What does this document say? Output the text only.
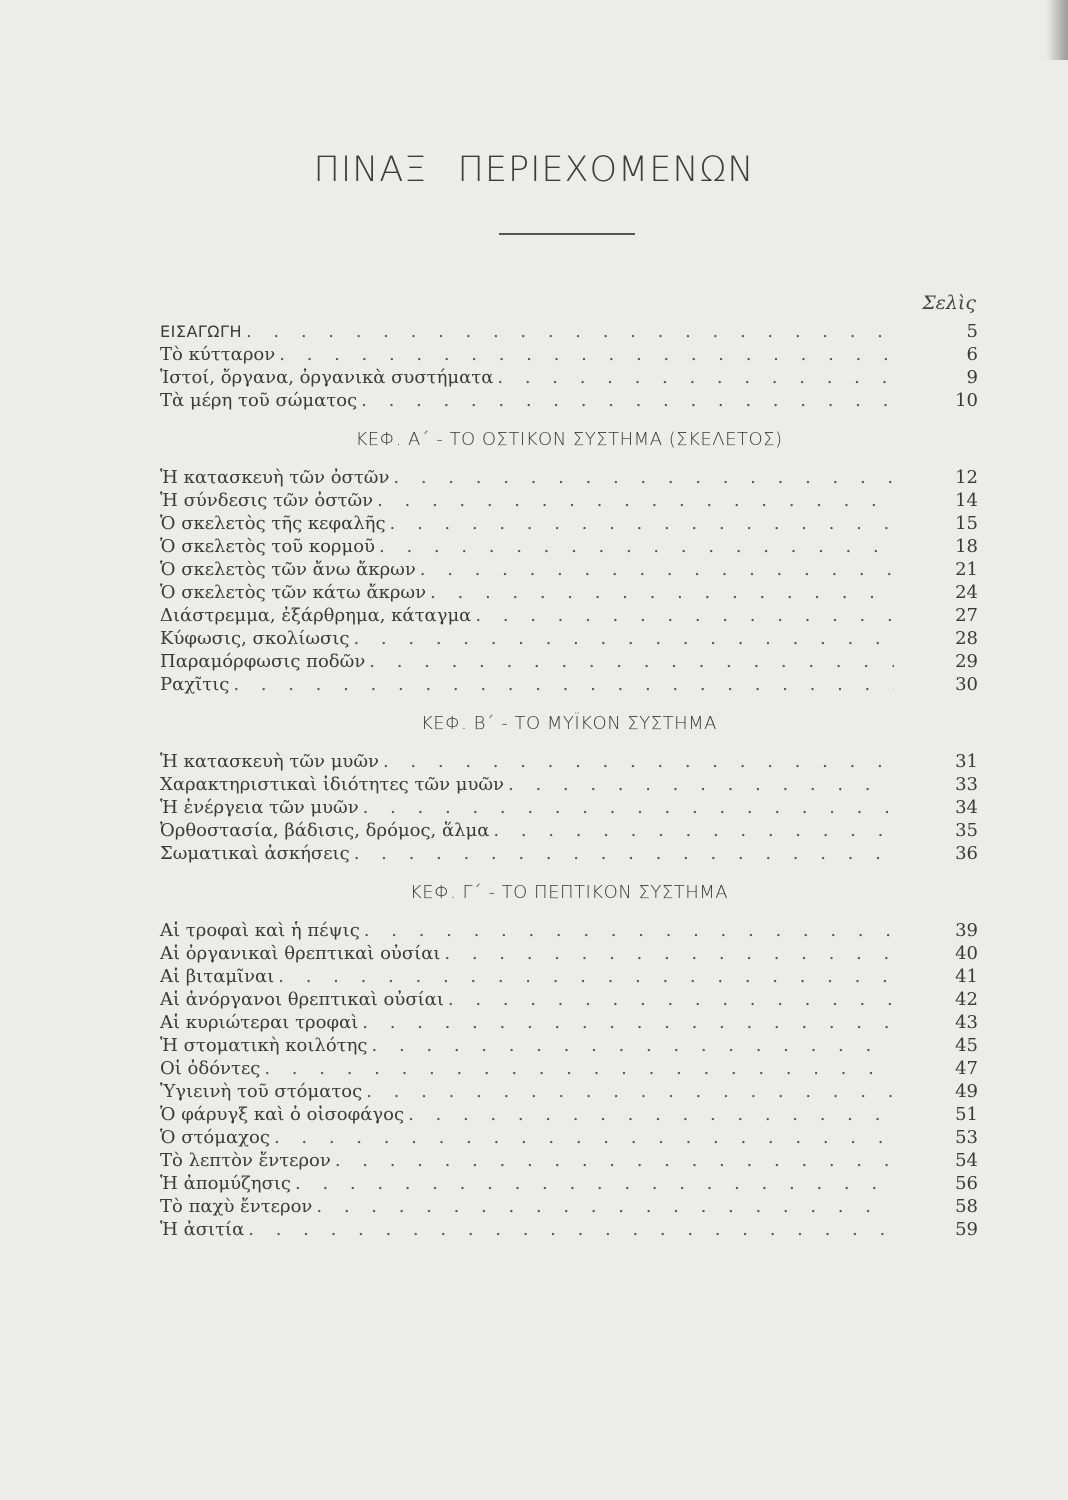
ΠΙΝΑΞ ΠΕΡΙΕΧΟΜΕΝΩΝ
Σελὶς
ΕΙΣΑΓΩΓΗ . . .	5
Τὸ κύτταρον . . .	6
Ἱστοί, ὄργανα, ὀργανικὰ συστήματα . . .	9
Τὰ μέρη τοῦ σώματος . . .	10
ΚΕΦ. Α΄ - ΤΟ ΟΣΤΙΚΟΝ ΣΥΣΤΗΜΑ (ΣΚΕΛΕΤΟΣ)
Ἡ κατασκευὴ τῶν ὀστῶν . . .	12
Ἡ σύνδεσις τῶν ὀστῶν . . .	14
Ὁ σκελετὸς τῆς κεφαλῆς . . .	15
Ὁ σκελετὸς τοῦ κορμοῦ . . .	18
Ὁ σκελετὸς τῶν ἄνω ἄκρων . . .	21
Ὁ σκελετὸς τῶν κάτω ἄκρων . . .	24
Διάστρεμμα, ἐξάρθρημα, κάταγμα . . .	27
Κύφωσις, σκολίωσις . . .	28
Παραμόρφωσις ποδῶν . . .	29
Ραχῖτις . . .	30
ΚΕΦ. Β΄ - ΤΟ ΜΥΪΚΟΝ ΣΥΣΤΗΜΑ
Ἡ κατασκευὴ τῶν μυῶν . . .	31
Χαρακτηριστικαὶ ἰδιότητες τῶν μυῶν . . .	33
Ἡ ἐνέργεια τῶν μυῶν . . .	34
Ὀρθοστασία, βάδισις, δρόμος, ἅλμα . . .	35
Σωματικαὶ ἀσκήσεις . . .	36
ΚΕΦ. Γ΄ - ΤΟ ΠΕΠΤΙΚΟΝ ΣΥΣΤΗΜΑ
Αἱ τροφαὶ καὶ ἡ πέψις . . .	39
Αἱ ὀργανικαὶ θρεπτικαὶ οὐσίαι . . .	40
Αἱ βιταμῖναι . . .	41
Αἱ ἀνόργανοι θρεπτικαὶ οὐσίαι . . .	42
Αἱ κυριώτεραι τροφαὶ . . .	43
Ἡ στοματικὴ κοιλότης . . .	45
Οἱ ὀδόντες . . .	47
Ὑγιεινὴ τοῦ στόματος . . .	49
Ὁ φάρυγξ καὶ ὁ οἰσοφάγος . . .	51
Ὁ στόμαχος . . .	53
Τὸ λεπτὸν ἔντερον . . .	54
Ἡ ἀπομύζησις . . .	56
Τὸ παχὺ ἔντερον . . .	58
Ἡ ἀσιτία . . .	59
